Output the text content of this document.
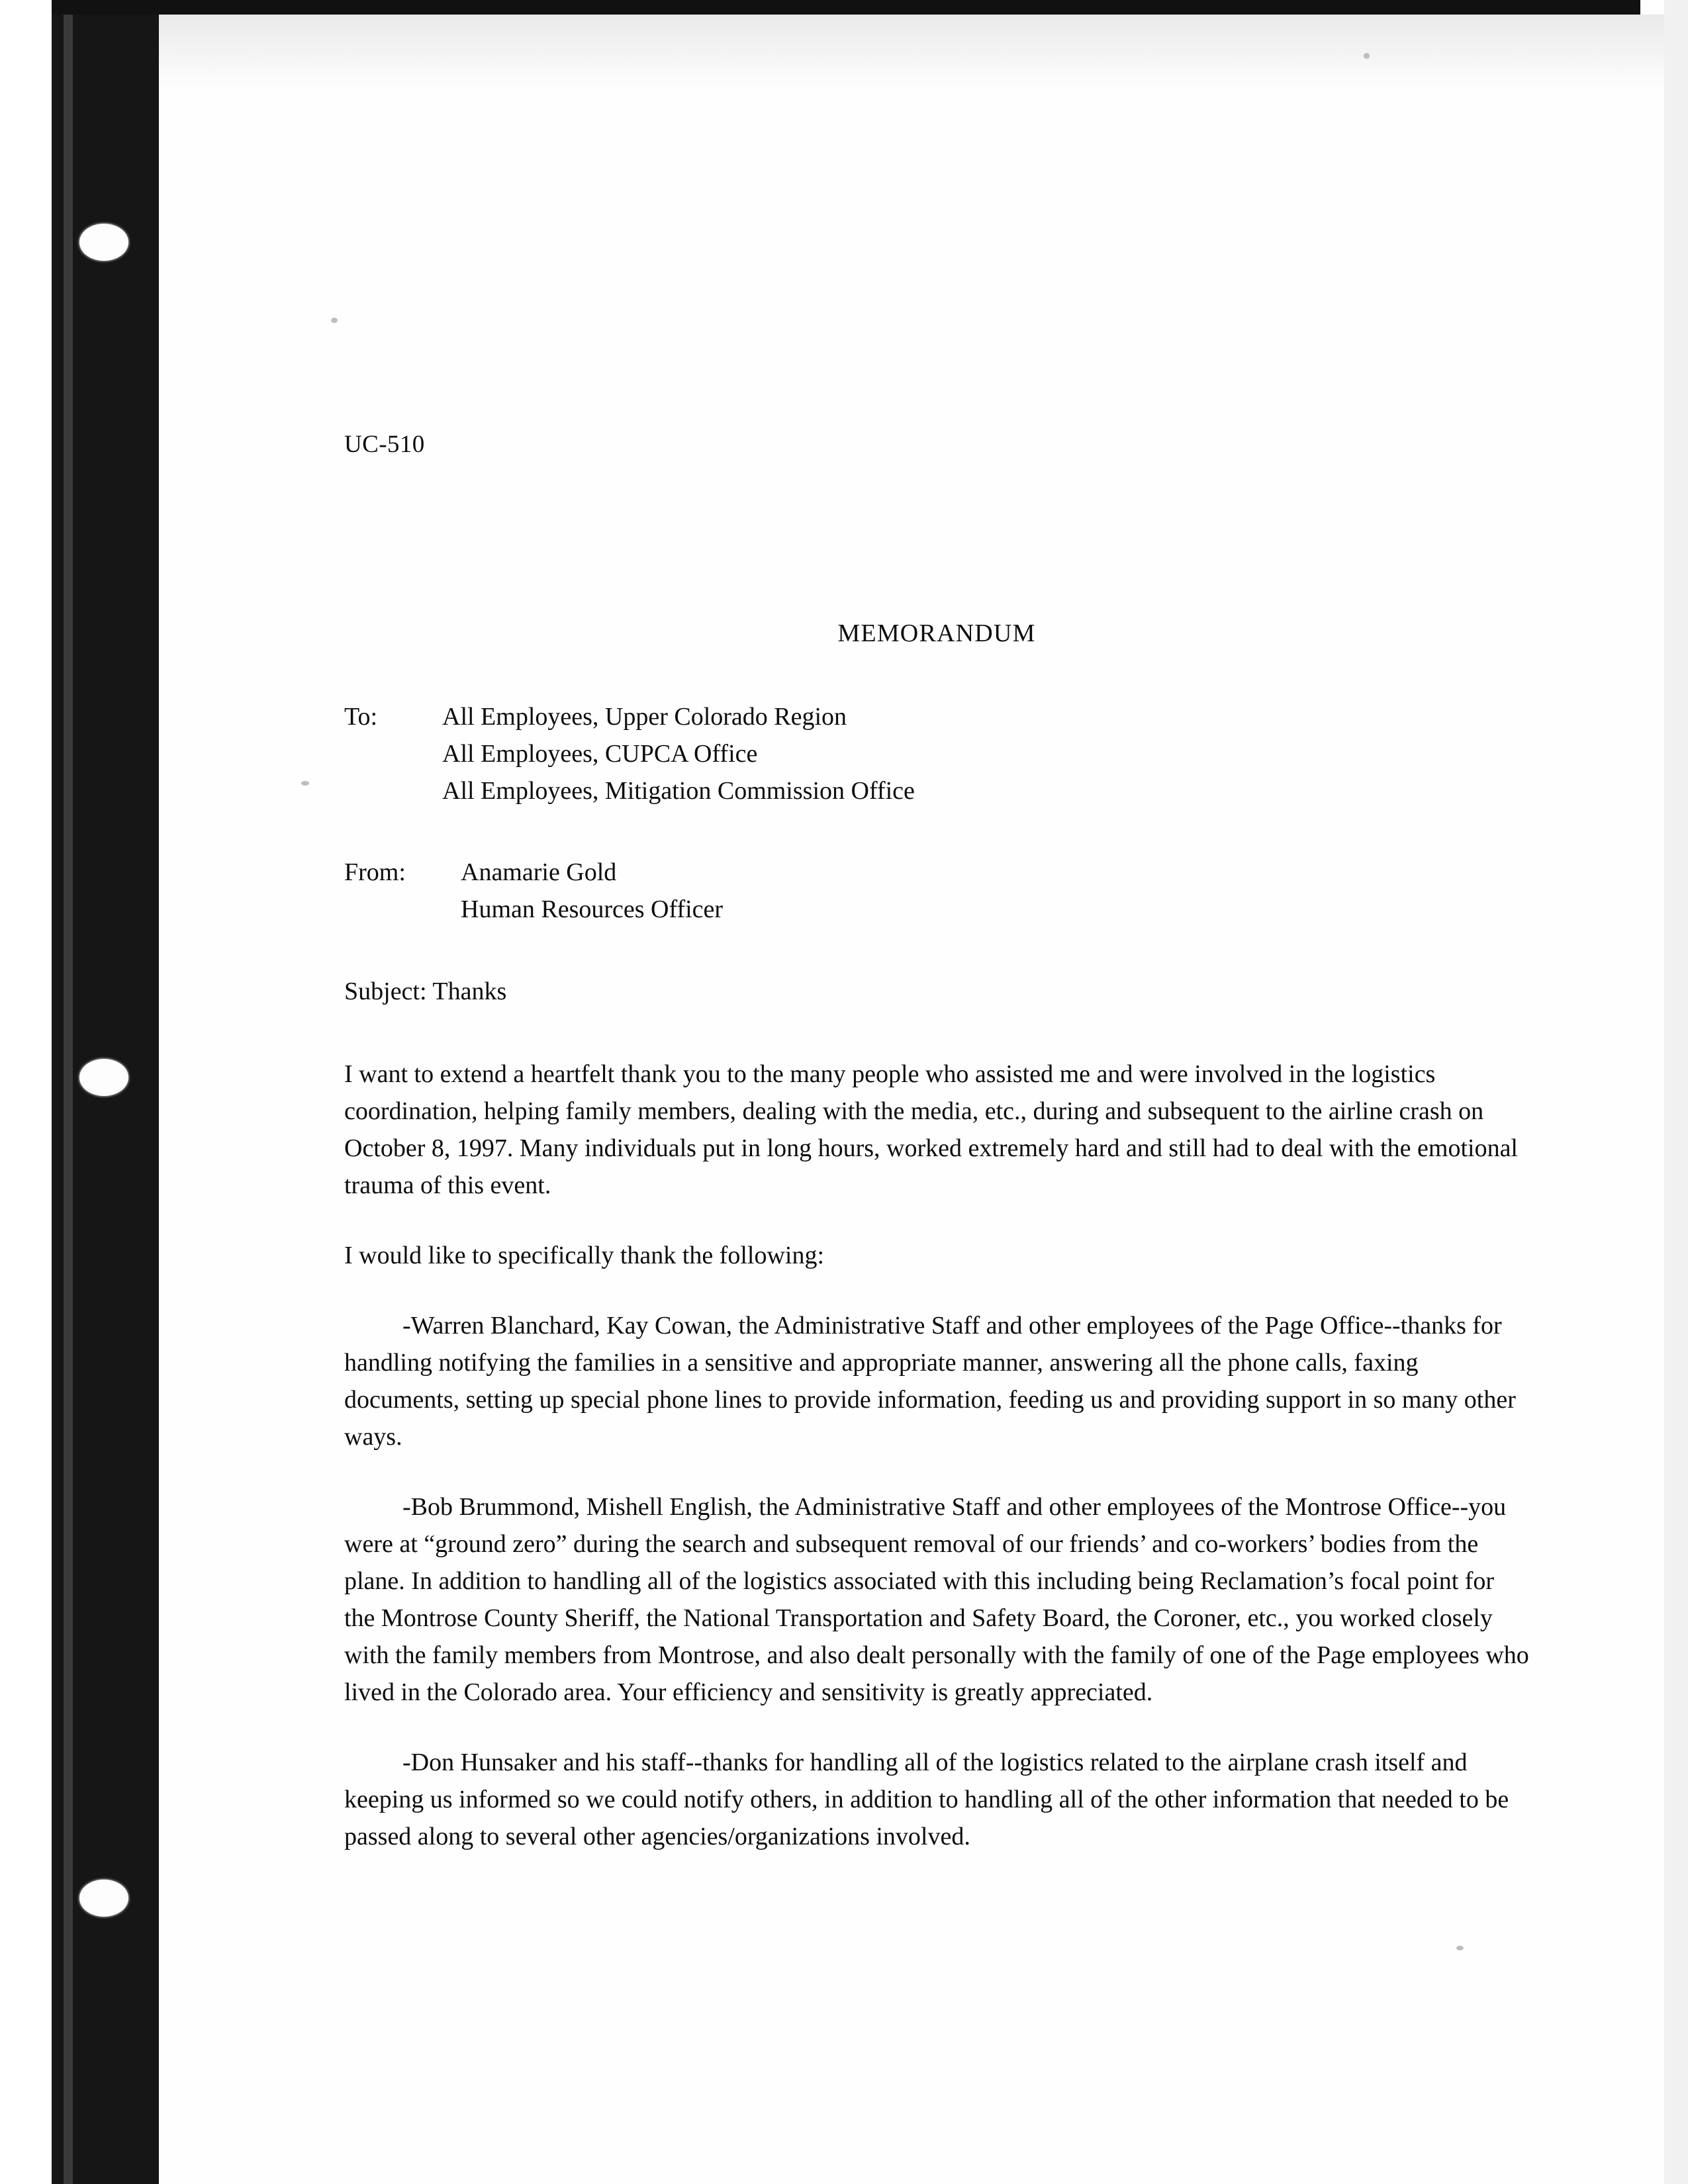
UC-510
MEMORANDUM
To:	All Employees, Upper Colorado Region
All Employees, CUPCA Office
All Employees, Mitigation Commission Office
From: Anamarie Gold
Human Resources Officer
Subject: Thanks

I want to extend a heartfelt thank you to the many people who assisted me and were involved in the logistics coordination, helping family members, dealing with the media, etc., during and subsequent to the airline crash on October 8, 1997. Many individuals put in long hours, worked extremely hard and still had to deal with the emotional trauma of this event.

I would like to specifically thank the following:

-Warren Blanchard, Kay Cowan, the Administrative Staff and other employees of the Page Office--thanks for handling notifying the families in a sensitive and appropriate manner, answering all the phone calls, faxing documents, setting up special phone lines to provide information, feeding us and providing support in so many other ways.

-Bob Brummond, Mishell English, the Administrative Staff and other employees of the Montrose Office--you were at “ground zero” during the search and subsequent removal of our friends’ and co-workers’ bodies from the plane. In addition to handling all of the logistics associated with this including being Reclamation’s focal point for the Montrose County Sheriff, the National Transportation and Safety Board, the Coroner, etc., you worked closely with the family members from Montrose, and also dealt personally with the family of one of the Page employees who lived in the Colorado area. Your efficiency and sensitivity is greatly appreciated.

-Don Hunsaker and his staff--thanks for handling all of the logistics related to the airplane crash itself and keeping us informed so we could notify others, in addition to handling all of the other information that needed to be passed along to several other agencies/organizations involved.
